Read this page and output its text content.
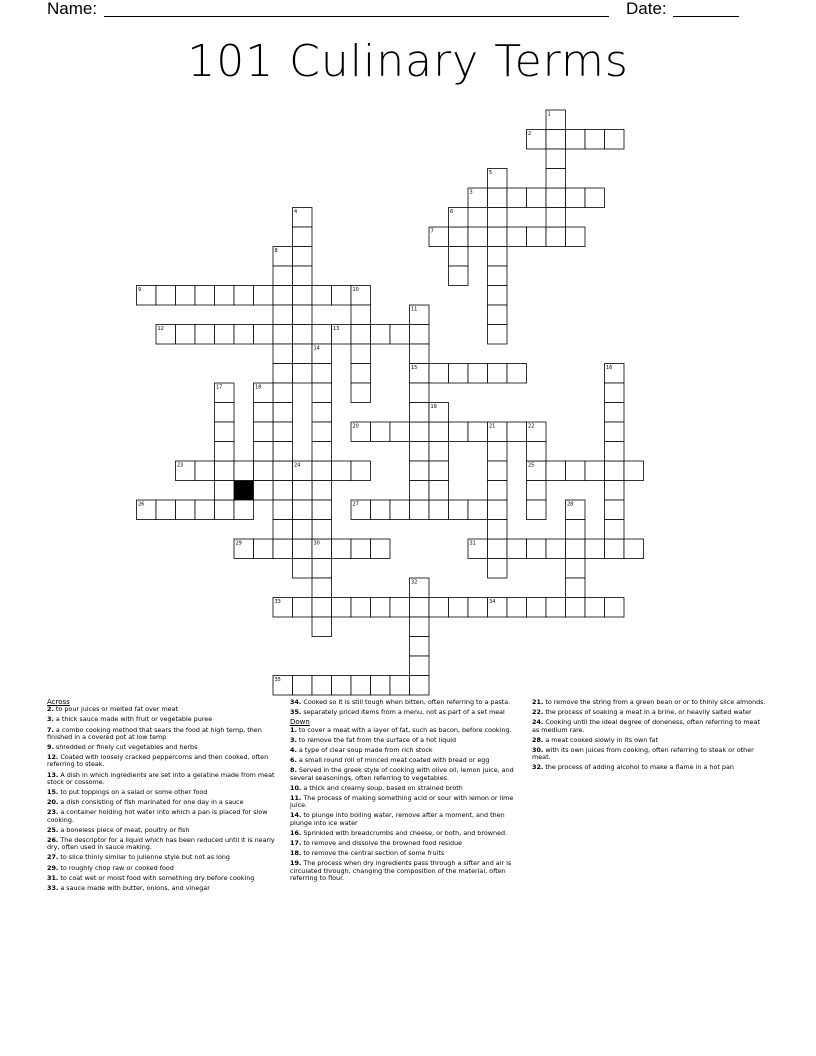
Name:	Date:
101 Culinary Terms
2
3
7
9
12	13
15
20
23	25
26	27
29	31
33	34
35
1
4
5
6
8
10
11
14
16
17	18
19
21	22
24
28
30
32
Across
2. to pour juices or melted fat over meat
3. a thick sauce made with fruit or vegetable puree
7. a combo cooking method that sears the food at high temp, then finished in a covered pot at low temp
9. shredded or finely cut vegetables and herbs
12. Coated with loosely cracked peppercorns and then cooked, often referring to steak.
13. A dish in which ingredients are set into a gelatine made from meat stock or cossome.
15. to put toppings on a salad or some other food
20. a dish consisting of fish marinated for one day in a sauce
23. a container holding hot water into which a pan is placed for slow cooking.
25. a boneless piece of meat, poultry or fish
26. The descriptor for a liquid which has been reduced until it is nearly dry, often used in sauce making.
27. to slice thinly similar to julienne style but not as long
29. to roughly chop raw or cooked food
31. to coat wet or moist food with something dry before cooking
33. a sauce made with butter, onions, and vinegar
34. Cooked so it is still tough when bitten, often referring to a pasta.
35. separately priced items from a menu, not as part of a set meal
Down
1. to cover a meat with a layer of fat, such as bacon, before cooking.
3. to remove the fat from the surface of a hot liquid
4. a type of clear soup made from rich stock
6. a small round roll of minced meat coated with bread or egg
8. Served in the greek style of cooking with olive oil, lemon juice, and several seasonings, often referring to vegetables.
10. a thick and creamy soup, based on strained broth
11. The process of making something acid or sour with lemon or lime juice.
14. to plunge into boiling water, remove after a moment, and then plunge into ice water
16. Sprinkled with breadcrumbs and cheese, or both, and browned.
17. to remove and dissolve the browned food residue
18. to remove the central section of some fruits
19. The process when dry ingredients pass through a sifter and air is circulated through, changing the composition of the material, often referring to flour.
21. to remove the string from a green bean or or to thinly slice almonds.
22. the process of soaking a meat in a brine, or heavily salted water
24. Cooking until the ideal degree of doneness, often referring to meat as medium rare.
28. a meat cooked slowly in its own fat
30. with its own juices from cooking, often referring to steak or other meat.
32. the process of adding alcohol to make a flame in a hot pan
